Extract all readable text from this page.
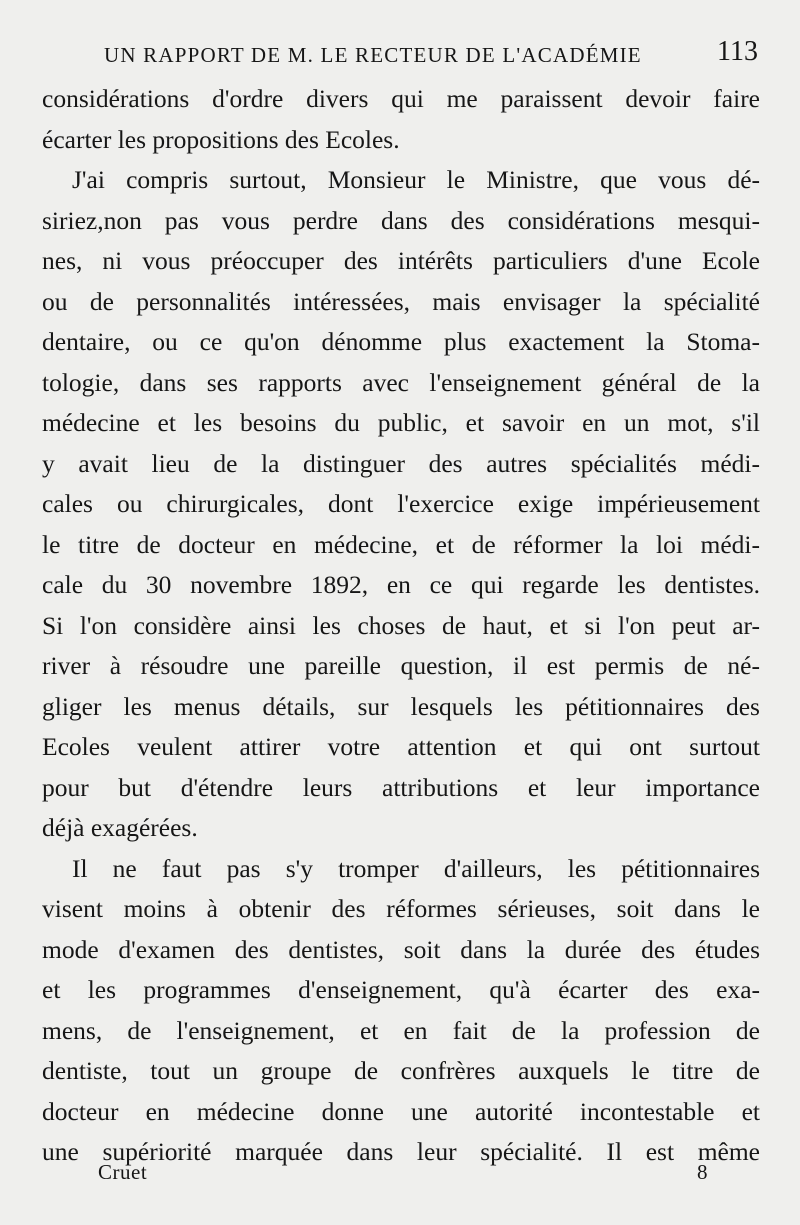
UN RAPPORT DE M. LE RECTEUR DE L'ACADÉMIE	113
considérations d'ordre divers qui me paraissent devoir faire
écarter les propositions des Ecoles.
J'ai compris surtout, Monsieur le Ministre, que vous dé-
siriez,non pas vous perdre dans des considérations mesqui-
nes, ni vous préoccuper des intérêts particuliers d'une Ecole
ou de personnalités intéressées, mais envisager la spécialité
dentaire, ou ce qu'on dénomme plus exactement la Stoma-
tologie, dans ses rapports avec l'enseignement général de la
médecine et les besoins du public, et savoir en un mot, s'il
y avait lieu de la distinguer des autres spécialités médi-
cales ou chirurgicales, dont l'exercice exige impérieusement
le titre de docteur en médecine, et de réformer la loi médi-
cale du 30 novembre 1892, en ce qui regarde les dentistes.
Si l'on considère ainsi les choses de haut, et si l'on peut ar-
river à résoudre une pareille question, il est permis de né-
gliger les menus détails, sur lesquels les pétitionnaires des
Ecoles veulent attirer votre attention et qui ont surtout
pour but d'étendre leurs attributions et leur importance
déjà exagérées.
Il ne faut pas s'y tromper d'ailleurs, les pétitionnaires
visent moins à obtenir des réformes sérieuses, soit dans le
mode d'examen des dentistes, soit dans la durée des études
et les programmes d'enseignement, qu'à écarter des exa-
mens, de l'enseignement, et en fait de la profession de
dentiste, tout un groupe de confrères auxquels le titre de
docteur en médecine donne une autorité incontestable et
une supériorité marquée dans leur spécialité. Il est même
Cruet	8
